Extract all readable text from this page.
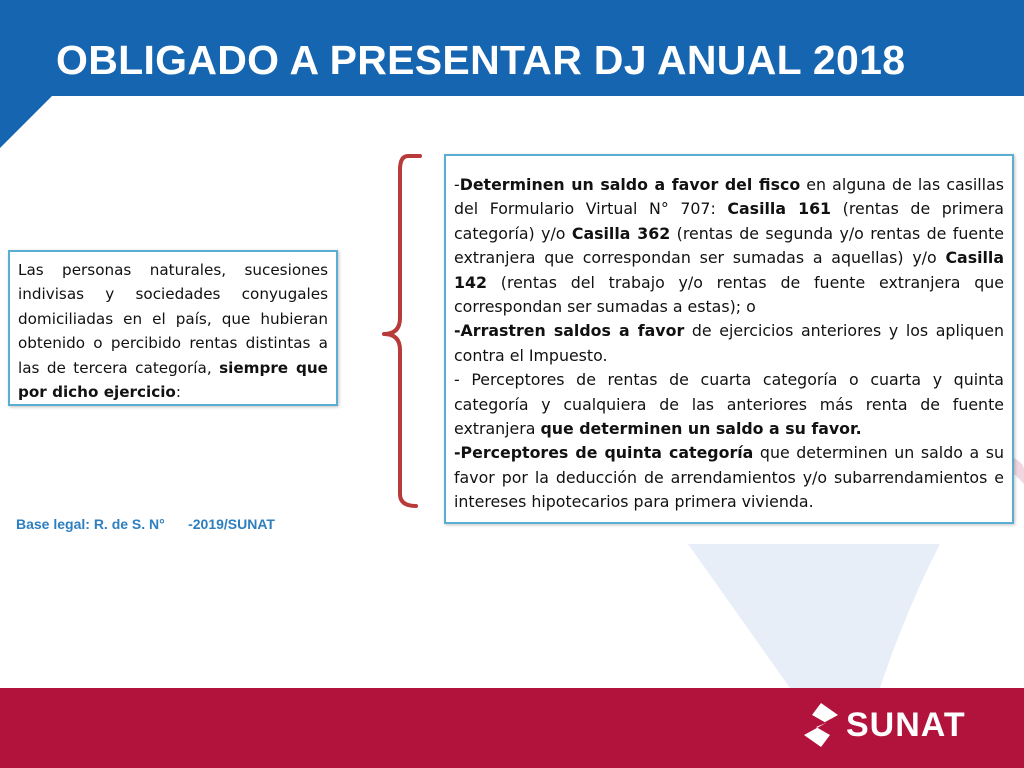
OBLIGADO A PRESENTAR DJ ANUAL 2018
Las personas naturales, sucesiones indivisas y sociedades conyugales domiciliadas en el país, que hubieran obtenido o percibido rentas distintas a las de tercera categoría, siempre que por dicho ejercicio:
-Determinen un saldo a favor del fisco en alguna de las casillas del Formulario Virtual N° 707: Casilla 161 (rentas de primera categoría) y/o Casilla 362 (rentas de segunda y/o rentas de fuente extranjera que correspondan ser sumadas a aquellas) y/o Casilla 142 (rentas del trabajo y/o rentas de fuente extranjera que correspondan ser sumadas a estas); o
-Arrastren saldos a favor de ejercicios anteriores y los apliquen contra el Impuesto.
- Perceptores de rentas de cuarta categoría o cuarta y quinta categoría y cualquiera de las anteriores más renta de fuente extranjera que determinen un saldo a su favor.
-Perceptores de quinta categoría que determinen un saldo a su favor por la deducción de arrendamientos y/o subarrendamientos e intereses hipotecarios para primera vivienda.
Base legal: R. de S. N°      -2019/SUNAT
SUNAT
